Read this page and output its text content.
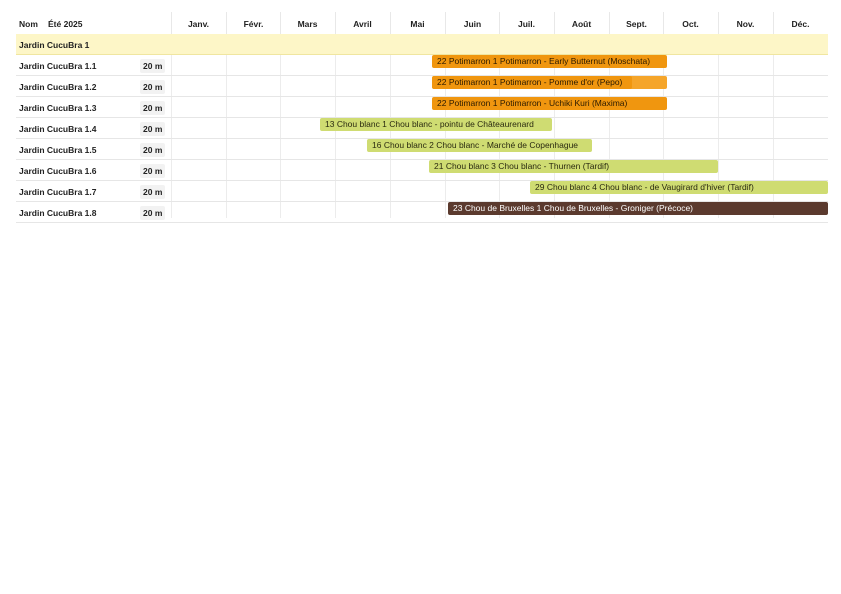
Nom Été 2025	Janv.	Févr.	Mars	Avril	Mai	Juin	Juil.	Août	Sept.	Oct.	Nov.	Déc.
Jardin CucuBra 1
Jardin CucuBra 1.1	20 m	22 Potimarron 1 Potimarron - Early Butternut (Moschata)
Jardin CucuBra 1.2	20 m	22 Potimarron 1 Potimarron - Pomme d'or (Pepo)
Jardin CucuBra 1.3	20 m	22 Potimarron 1 Potimarron - Uchiki Kuri (Maxima)
Jardin CucuBra 1.4	20 m	13 Chou blanc 1 Chou blanc - pointu de Châteaurenard
Jardin CucuBra 1.5	20 m	16 Chou blanc 2 Chou blanc - Marché de Copenhague
Jardin CucuBra 1.6	20 m	21 Chou blanc 3 Chou blanc - Thurnen (Tardif)
Jardin CucuBra 1.7	20 m	29 Chou blanc 4 Chou blanc - de Vaugirard d'hiver (Tardif)
Jardin CucuBra 1.8	20 m	23 Chou de Bruxelles 1 Chou de Bruxelles - Groniger (Précoce)
